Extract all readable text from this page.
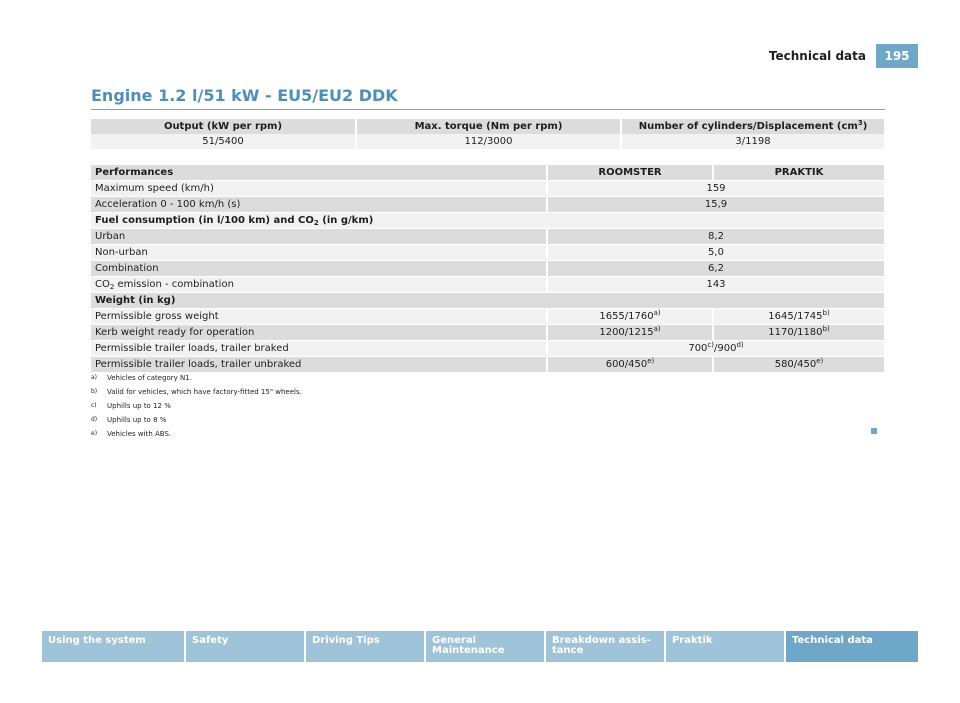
Technical data	195
Engine 1.2 l/51 kW - EU5/EU2 DDK
Output (kW per rpm)	Max. torque (Nm per rpm)	Number of cylinders/Displacement $(cm^3)$
51/5400	112/3000	3/1198
Performances	ROOMSTER	PRAKTIK
Maximum speed (km/h)	159	
Acceleration 0 - 100 km/h (s)	15,9	
Fuel consumption (in l/100 km) and $CO_2$ (in g/km)		
Urban	8,2	
Non-urban	5,0	
Combination	6,2	
$CO_2$ emission - combination	143	
Weight (in kg)		
Permissible gross weight	1655/1760$^{a)}$	1645/1745$^{b)}$
Kerb weight ready for operation	1200/1215$^{a)}$	1170/1180$^{b)}$
Permissible trailer loads, trailer braked	700$^{c)}$/900$^{d)}$
Permissible trailer loads, trailer unbraked	600/450$^{e)}$	580/450$^{e)}$
a)	Vehicles of category N1.
b)	Valid for vehicles, which have factory-fitted 15" wheels.
c)	Uphills up to 12 %
d)	Uphills up to 8 %
e)	Vehicles with ABS.
Using the system	Safety	Driving Tips	General Maintenance
Breakdown assis-
tance
Praktik	Technical data
